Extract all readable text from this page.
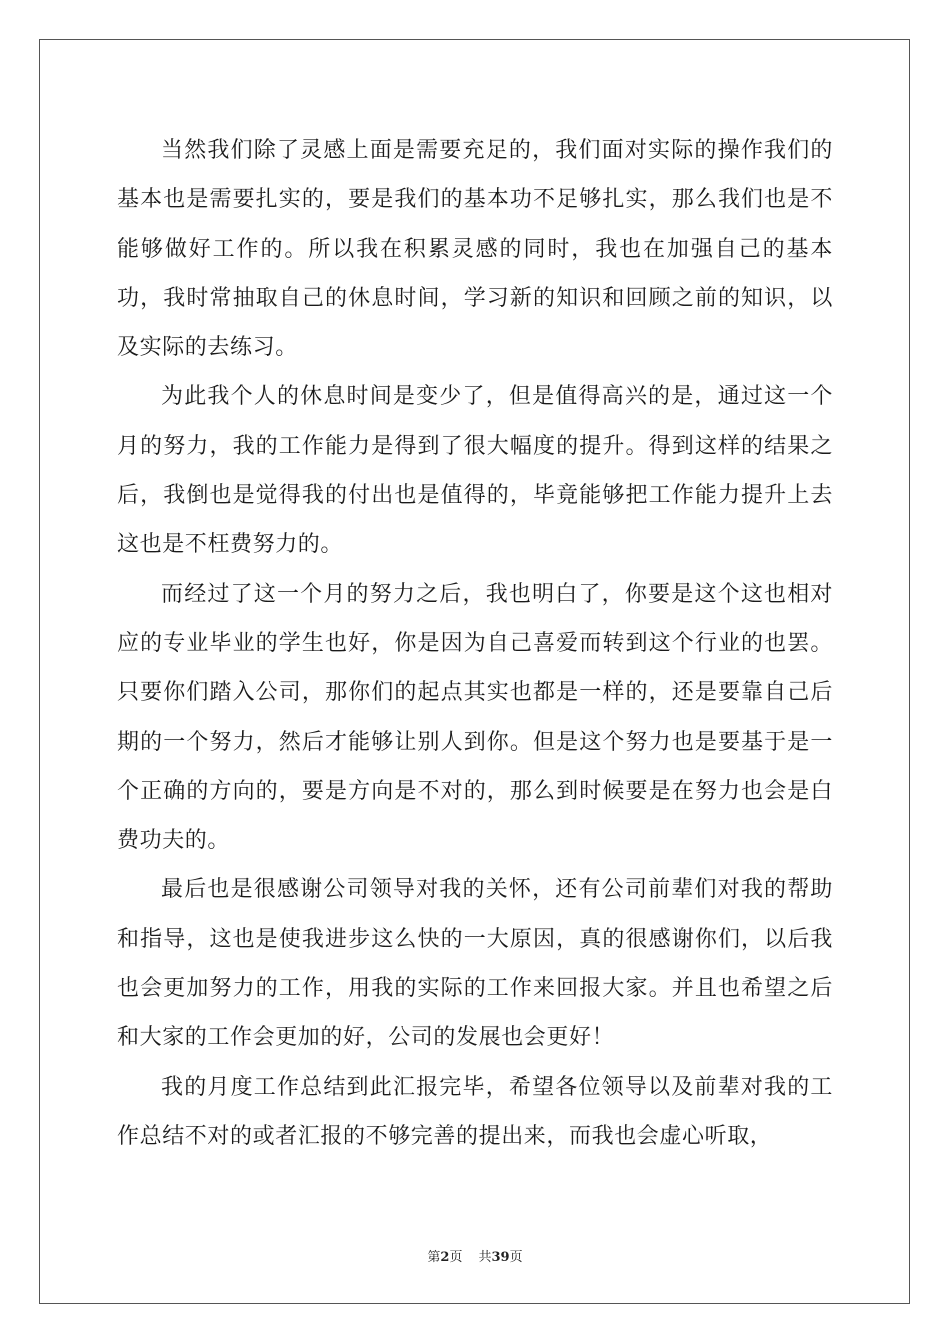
当然我们除了灵感上面是需要充足的，我们面对实际的操作我们的基本也是需要扎实的，要是我们的基本功不足够扎实，那么我们也是不能够做好工作的。所以我在积累灵感的同时，我也在加强自己的基本功，我时常抽取自己的休息时间，学习新的知识和回顾之前的知识，以及实际的去练习。

为此我个人的休息时间是变少了，但是值得高兴的是，通过这一个月的努力，我的工作能力是得到了很大幅度的提升。得到这样的结果之后，我倒也是觉得我的付出也是值得的，毕竟能够把工作能力提升上去这也是不枉费努力的。

而经过了这一个月的努力之后，我也明白了，你要是这个这也相对应的专业毕业的学生也好，你是因为自己喜爱而转到这个行业的也罢。只要你们踏入公司，那你们的起点其实也都是一样的，还是要靠自己后期的一个努力，然后才能够让别人到你。但是这个努力也是要基于是一个正确的方向的，要是方向是不对的，那么到时候要是在努力也会是白费功夫的。

最后也是很感谢公司领导对我的关怀，还有公司前辈们对我的帮助和指导，这也是使我进步这么快的一大原因，真的很感谢你们，以后我也会更加努力的工作，用我的实际的工作来回报大家。并且也希望之后和大家的工作会更加的好，公司的发展也会更好！

我的月度工作总结到此汇报完毕，希望各位领导以及前辈对我的工作总结不对的或者汇报的不够完善的提出来，而我也会虚心听取，

第2页 共39页
